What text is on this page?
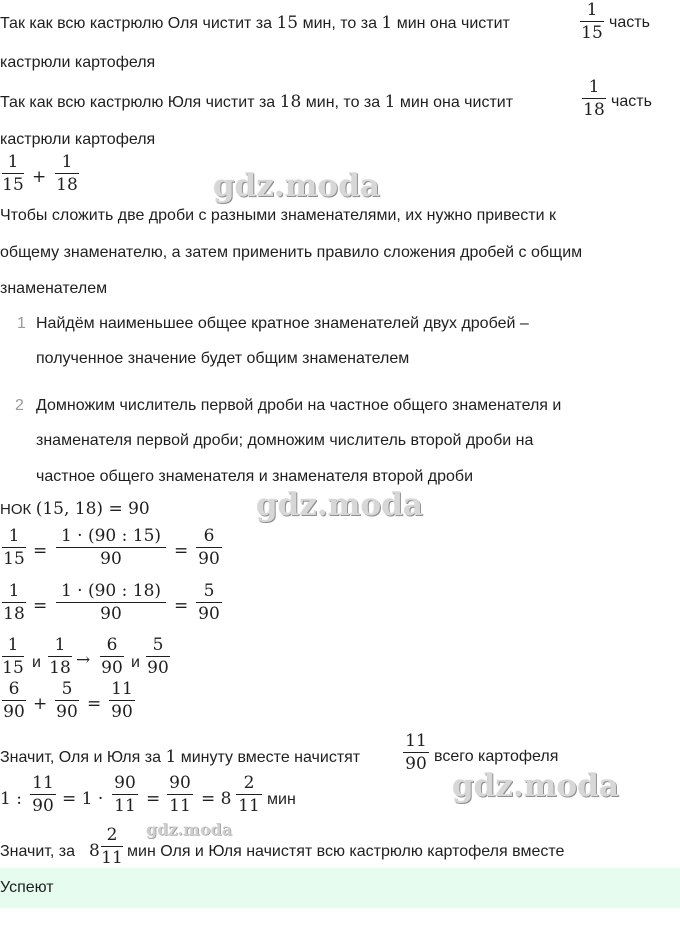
Так как всю кастрюлю Оля чистит за 15 мин, то за 1 мин она чистит
1
15
часть
кастрюли картофеля
Так как всю кастрюлю Юля чистит за 18 мин, то за 1 мин она чистит
1
18 часть
кастрюли картофеля
1
15 +
1
18	gdz.moda
Чтобы сложить две дроби с разными знаменателями, их нужно привести к
общему знаменателю, а затем применить правило сложения дробей с общим
знаменателем
1 Найдём наименьшее общее кратное знаменателей двух дробей –
полученное значение будет общим знаменателем
2 Домножим числитель первой дроби на частное общего знаменателя и
знаменателя первой дроби; домножим числитель второй дроби на
частное общего знаменателя и знаменателя второй дроби
НОК (15, 18) = 90	gdz.moda
1
15 =
1 · (90 : 15)
90	=
6
90
1
18 =
1 · (90 : 18)
90	=
5
90
1
15 и
1
18 →
6
90 и
5
90
6
90 +
5
90 =
11
90
Значит, Оля и Юля за 1 минуту вместе начистят
11
90 всего картофеля
1 :
11
90 = 1 ·
90
11 =
90
11 = 8
2
11 мин	gdz.moda
gdz.moda
Значит, за 8
2
11 мин Оля и Юля начистят всю кастрюлю картофеля вместе
Успеют
